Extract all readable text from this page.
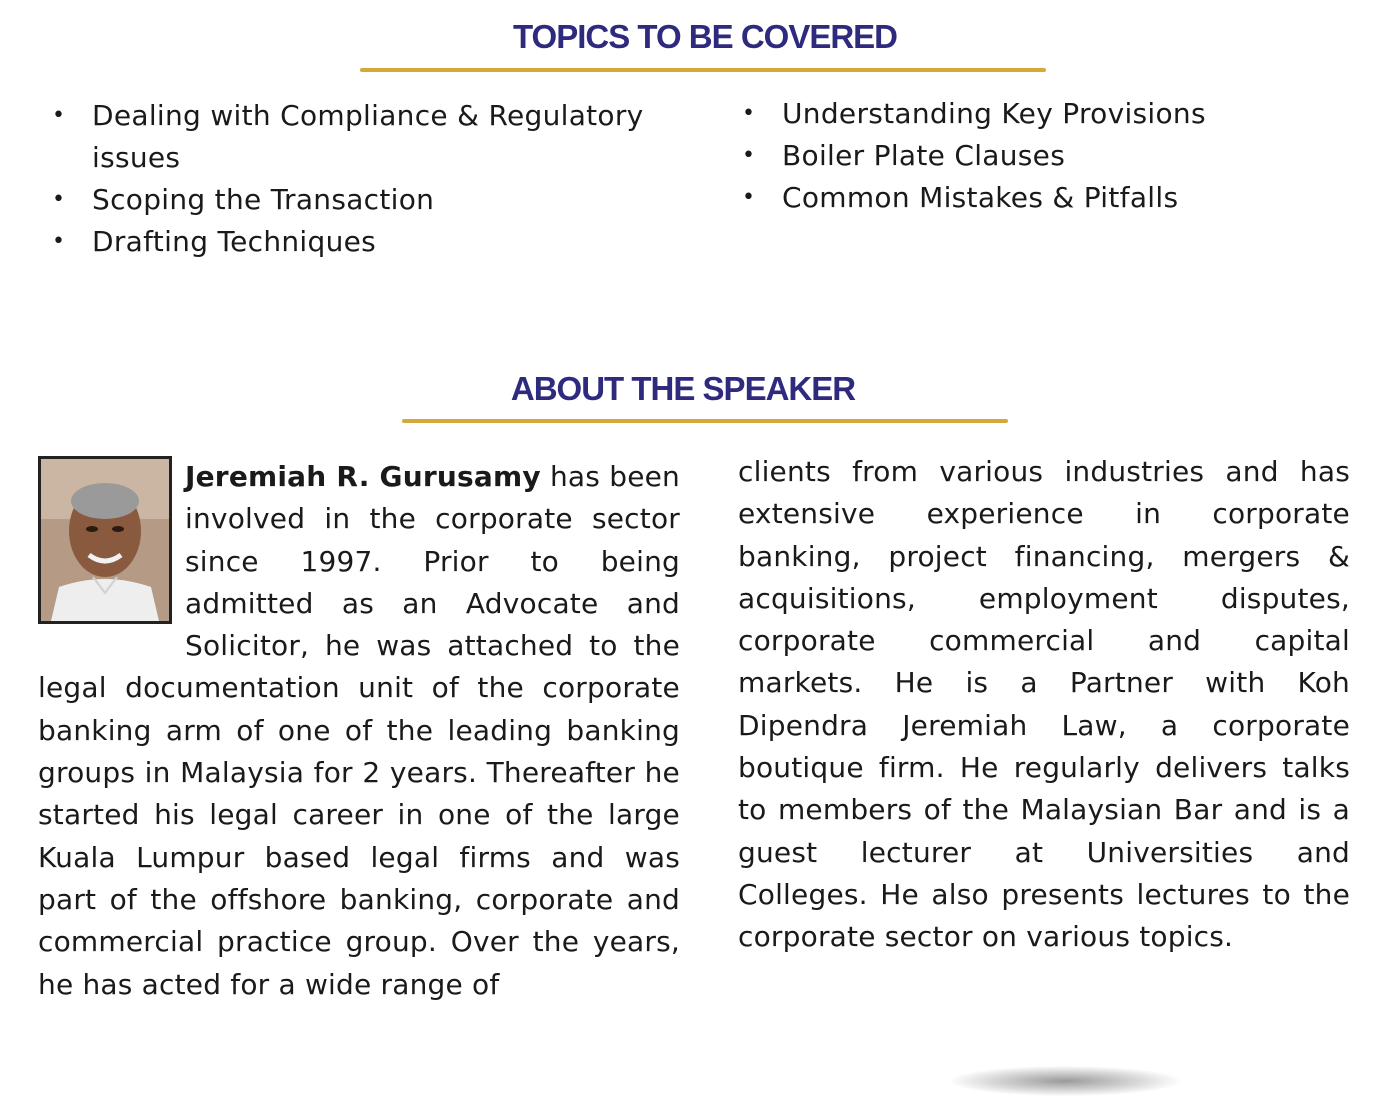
TOPICS TO BE COVERED
• Dealing with Compliance & Regulatory issues
• Scoping the Transaction
• Drafting Techniques
• Understanding Key Provisions
• Boiler Plate Clauses
• Common Mistakes & Pitfalls
ABOUT THE SPEAKER

Jeremiah R. Gurusamy has been involved in the corporate sector since 1997. Prior to being admitted as an Advocate and Solicitor, he was attached to the legal documentation unit of the corporate banking arm of one of the leading banking groups in Malaysia for 2 years. Thereafter he started his legal career in one of the large Kuala Lumpur based legal firms and was part of the offshore banking, corporate and commercial practice group. Over the years, he has acted for a wide range of

clients from various industries and has extensive experience in corporate banking, project financing, mergers & acquisitions, employment disputes, corporate commercial and capital markets. He is a Partner with Koh Dipendra Jeremiah Law, a corporate boutique firm. He regularly delivers talks to members of the Malaysian Bar and is a guest lecturer at Universities and Colleges. He also presents lectures to the corporate sector on various topics.
